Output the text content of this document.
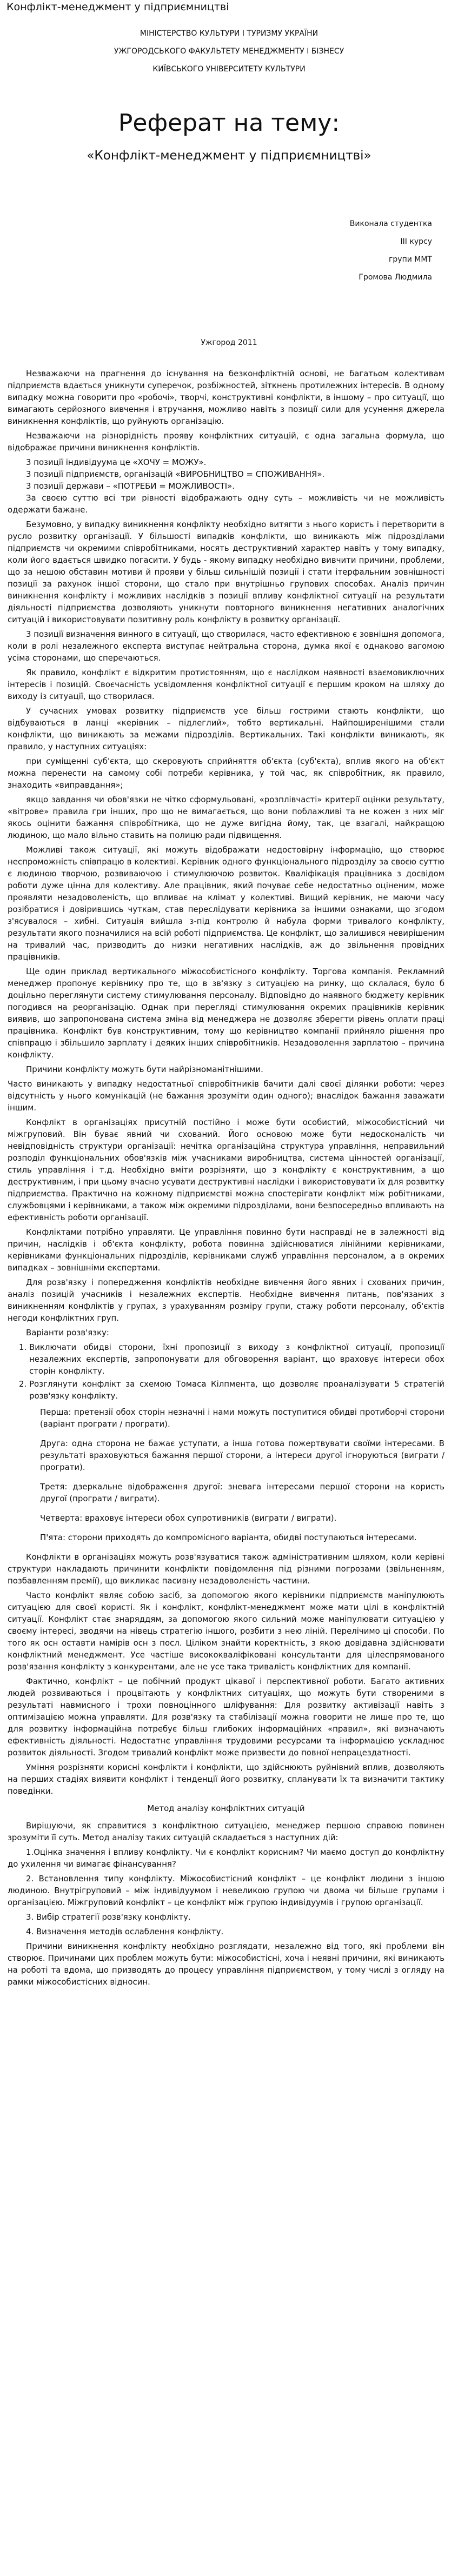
Конфлікт-менеджмент у підприємництві
МІНІСТЕРСТВО КУЛЬТУРИ І ТУРИЗМУ УКРАЇНИ
УЖГОРОДСЬКОГО ФАКУЛЬТЕТУ МЕНЕДЖМЕНТУ І БІЗНЕСУ
КИЇВСЬКОГО УНІВЕРСИТЕТУ КУЛЬТУРИ
Реферат на тему:
«Конфлікт-менеджмент у підприємництві»
Виконала студентка
ІІІ курсу
групи ММТ
Громова Людмила
Ужгород 2011

Незважаючи на прагнення до існування на безконфліктній основі, не багатьом колективам підприємств вдається уникнути суперечок, розбіжностей, зіткнень протилежних інтересів. В одному випадку можна говорити про «робочі», творчі, конструктивні конфлікти, в іншому – про ситуації, що вимагають серйозного вивчення і втручання, можливо навіть з позиції сили для усунення джерела виникнення конфліктів, що руйнують організацію.

Незважаючи на різнорідність прояву конфліктних ситуацій, є одна загальна формула, що відображає причини виникнення конфліктів.

3 позиції індивідуума це «ХОЧУ = МОЖУ».

3 позиції підприємств, організацій «ВИРОБНИЦТВО = СПОЖИВАННЯ».

3 позиції держави – «ПОТРЕБИ = МОЖЛИВОСТІ».

За своєю суттю всі три рівності відображають одну суть – можливість чи не можливість одержати бажане.

Безумовно, у випадку виникнення конфлікту необхідно витягти з нього користь і перетворити в русло розвитку організації. У більшості випадків конфлікти, що виникають між підрозділами підприємств чи окремими співробітниками, носять деструктивний характер навіть у тому випадку, коли його вдається швидко погасити. У будь - якому випадку необхідно вивчити причини, проблеми, що за нешою обставин мотиви й прояви у більш сильнішій позиції і стати ітерфальним зовнішності позиції за рахунок іншої сторони, що стало при внутрішньо групових способах. Аналіз причин виникнення конфлікту і можливих наслідків з позиції впливу конфліктної ситуації на результати діяльності підприємства дозволяють уникнути повторного виникнення негативних аналогічних ситуацій і використовувати позитивну роль конфлікту в розвитку організації.

3 позиції визначення винного в ситуації, що створилася, часто ефективною є зовнішня допомога, коли в ролі незалежного експерта виступає нейтральна сторона, думка якої є однаково вагомою усіма сторонами, що сперечаються.

Як правило, конфлікт є відкритим протистоянням, що є наслідком наявності взаємовиключних інтересів і позицій. Своєчасність усвідомлення конфліктної ситуації є першим кроком на шляху до виходу із ситуації, що створилася.

У сучасних умовах розвитку підприємств усе більш гострими стають конфлікти, що відбуваються в ланці «керівник – підлеглий», тобто вертикальні. Найпоширенішими стали конфлікти, що виникають за межами підрозділів. Вертикальних. Такі конфлікти виникають, як правило, у наступних ситуаціях:

при суміщенні суб'єкта, що скеровують сприйняття об'єкта (суб'єкта), вплив якого на об'єкт можна перенести на самому собі потреби керівника, у той час, як співробітник, як правило, знаходить «виправдання»;

якщо завдання чи обов'язки не чітко сформульовані, «розплівчасті» критерії оцінки результату, «вітрове» правила гри інших, про що не вимагається, що вони поблажливі та не кожен з них міг якось оцінити бажання співробітника, що не дуже вигідна йому, так, це взагалі, найкращою людиною, що мало вільно ставить на полицю ради підвищення.

Можливі також ситуації, які можуть відображати недостовірну інформацію, що створює неспроможність співпрацю в колективі. Керівник одного функціонального підрозділу за своєю суттю є людиною творчою, розвиваючою і стимулюючою розвиток. Кваліфікація працівника з досвідом роботи дуже цінна для колективу. Але працівник, який почуває себе недостатньо оціненим, може проявляти незадоволеність, що впливає на клімат у колективі. Вищий керівник, не маючи часу розібратися і довірившись чуткам, став переслідувати керівника за іншими ознаками, що згодом з'ясувалося – хибні. Ситуація вийшла з-під контролю й набула форми тривалого конфлікту, результати якого позначилися на всій роботі підприємства. Це конфлікт, що залишився невирішеним на тривалий час, призводить до низки негативних наслідків, аж до звільнення провідних працівників.

Ще один приклад вертикального міжособистісного конфлікту. Торгова компанія. Рекламний менеджер пропонує керівнику про те, що в зв'язку з ситуацією на ринку, що склалася, було б доцільно переглянути систему стимулювання персоналу. Відповідно до наявного бюджету керівник погодився на реорганізацію. Однак при перегляді стимулювання окремих працівників керівник виявив, що запропонована система зміна від менеджера не дозволяє зберегти рівень оплати праці працівника. Конфлікт був конструктивним, тому що керівництво компанії прийняло рішення про співпрацю і збільшило зарплату і деяких інших співробітників. Незадоволення зарплатою – причина конфлікту.

Причини конфлікту можуть бути найрізноманітнішими.

Часто виникають у випадку недостатньої співробітників бачити далі своєї ділянки роботи: через відсутність у нього комунікацій (не бажання зрозуміти один одного); внаслідок бажання заважати іншим.

Конфлікт в організаціях присутній постійно і може бути особистий, міжособистісний чи міжгруповий. Він буває явний чи схований. Його основою може бути недосконалість чи невідповідність структури організації: нечітка організаційна структура управління, неправильний розподіл функціональних обов'язків між учасниками виробництва, система цінностей організації, стиль управління і т.д. Необхідно вміти розрізняти, що з конфлікту є конструктивним, а що деструктивним, і при цьому вчасно усувати деструктивні наслідки і використовувати їх для розвитку підприємства. Практично на кожному підприємстві можна спостерігати конфлікт між робітниками, службовцями і керівниками, а також між окремими підрозділами, вони безпосередньо впливають на ефективність роботи організації.

Конфліктами потрібно управляти. Це управління повинно бути насправді не в залежності від причин, наслідків і об'єкта конфлікту, робота повинна здійснюватися лінійними керівниками, керівниками функціональних підрозділів, керівниками служб управління персоналом, а в окремих випадках – зовнішніми експертами.

Для розв'язку і попередження конфліктів необхідне вивчення його явних і схованих причин, аналіз позицій учасників і незалежних експертів. Необхідне вивчення питань, пов'язаних з виникненням конфліктів у групах, з урахуванням розміру групи, стажу роботи персоналу, об'єктів негоди конфліктних груп.

Варіанти розв'язку:

1. Виключати обидві сторони, їхні пропозиції з виходу з конфліктної ситуації, пропозиції незалежних експертів, запропонувати для обговорення варіант, що враховує інтереси обох сторін конфлікту.
2. Розглянути конфлікт за схемою Томаса Кілпмента, що дозволяє проаналізувати 5 стратегій розв'язку конфлікту.
Перша: претензії обох сторін незначні і нами можуть поступитися обидві протиборчі сторони (варіант програти / програти).
Друга: одна сторона не бажає уступати, а інша готова пожертвувати своїми інтересами. В результаті враховуються бажання першої сторони, а інтереси другої ігноруються (виграти / програти).
Третя: дзеркальне відображення другої: зневага інтересами першої сторони на користь другої (програти / виграти).
Четверта: враховує інтереси обох супротивників (виграти / виграти).
П'ята: сторони приходять до компромісного варіанта, обидві поступаються інтересами.

Конфлікти в організаціях можуть розв'язуватися також адміністративним шляхом, коли керівні структури накладають причинити конфлікти повідомлення під різними погрозами (звільненням, позбавленням премії), що викликає пасивну незадоволеність частини.

Часто конфлікт являє собою засіб, за допомогою якого керівники підприємств маніпулюють ситуацією для своєї користі. Як і конфлікт, конфлікт-менеджмент може мати цілі в конфліктній ситуації. Конфлікт стає знаряддям, за допомогою якого сильний може маніпулювати ситуацією у своєму інтересі, зводячи на нівець стратегію іншого, розбити з нею ліній. Перелічимо ці способи. По того як осн оставти намірів осн з посл. Ціліком знайти коректність, з якою довідавна здійснювати конфліктний менеджмент. Усе частіше висококваліфіковані консультанти для цілеспрямованого розв'язання конфлікту з конкурентами, але не усе така тривалість конфліктних для компанії.

Фактично, конфлікт – це побічний продукт цікавої і перспективної роботи. Багато активних людей розвиваються і процвітають у конфліктних ситуаціях, що можуть бути створеними в результаті навмисного і трохи повноцінного шліфування: Для розвитку активізації навіть з оптимізацією можна управляти. Для розв'язку та стабілізації можна говорити не лише про те, що для розвитку інформаційна потребує більш глибоких інформаційних «правил», які визначають ефективність діяльності. Недостатнє управління трудовими ресурсами та інформацією ускладнює розвиток діяльності. Згодом тривалий конфлікт може призвести до повної непрацездатності.

Уміння розрізняти корисні конфлікти і конфлікти, що здійснюють руйнівний вплив, дозволяють на перших стадіях виявити конфлікт і тенденції його розвитку, спланувати їх та визначити тактику поведінки.

Метод аналізу конфліктних ситуацій

Вирішуючи, як справитися з конфліктною ситуацією, менеджер першою справою повинен зрозуміти її суть. Метод аналізу таких ситуацій складається з наступних дій:

1.Оцінка значення і впливу конфлікту. Чи є конфлікт корисним? Чи маємо доступ до конфліктну до ухилення чи вимагає фінансування?

2. Встановлення типу конфлікту. Міжособистісний конфлікт – це конфлікт людини з іншою людиною. Внутрігруповий – між індивідуумом і невеликою групою чи двома чи більше групами і організацією. Міжгруповий конфлікт – це конфлікт між групою індивідуумів і групою організації.

3. Вибір стратегії розв'язку конфлікту.

4. Визначення методів ослаблення конфлікту.

Причини виникнення конфлікту необхідно розглядати, незалежно від того, які проблеми він створює. Причинами цих проблем можуть бути: міжособистісні, хоча і неявні причини, які виникають на роботі та вдома, що призводять до процесу управління підприємством, у тому числі з огляду на рамки міжособистісних відносин.
